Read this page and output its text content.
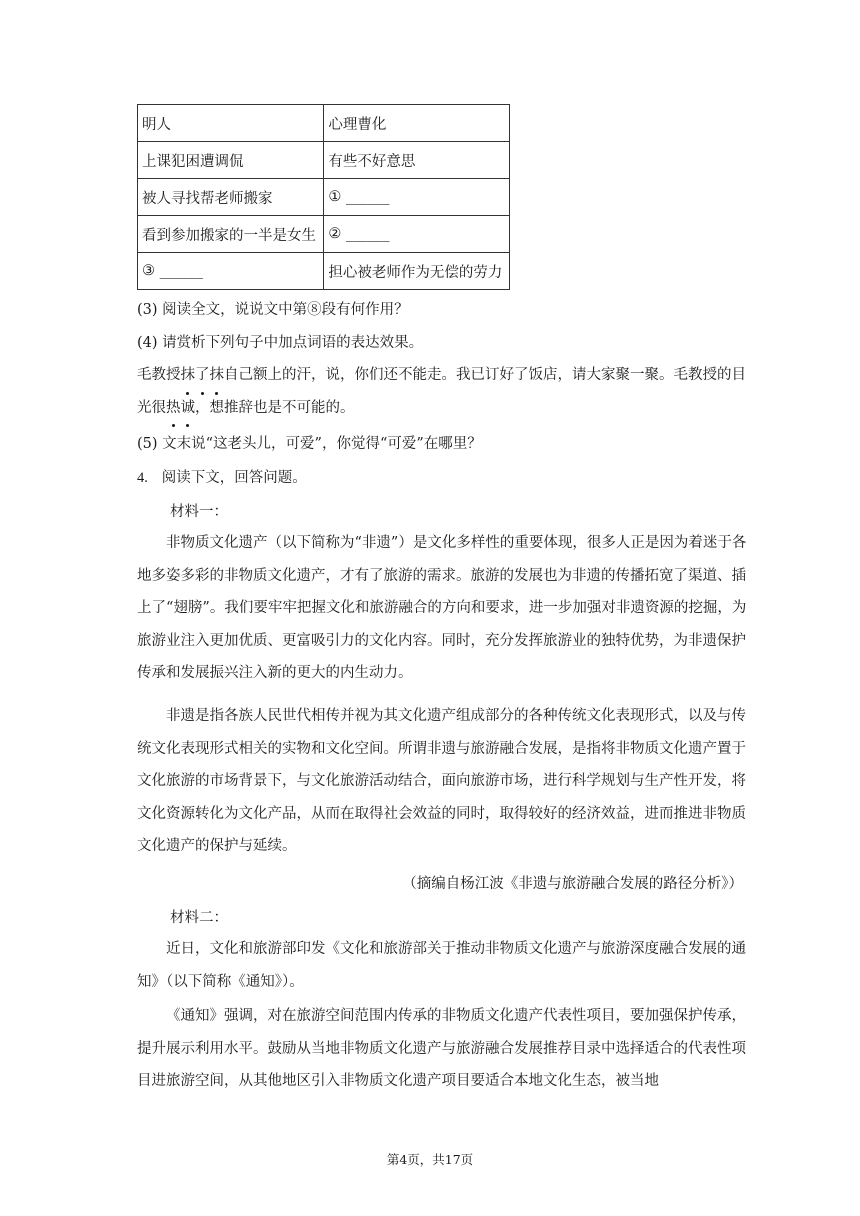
明人	心理曹化
上课犯困遭调侃	有些不好意思
被人寻找帮老师搬家	① ______
看到参加搬家的一半是女生	② ______
③ ______	担心被老师作为无偿的劳力
(3) 阅读全文，说说文中第⑧段有何作用？
(4) 请赏析下列句子中加点词语的表达效果。

毛教授抹了抹自己额上的汗，说，你们还不能走。我已订好了饭店，请大家聚一聚。毛教授的目光很热诚，想推辞也是不可能的。

(5) 文末说“这老头儿，可爱”，你觉得“可爱”在哪里？
4. 阅读下文，回答问题。
材料一：

非物质文化遗产（以下简称为“非遗”）是文化多样性的重要体现，很多人正是因为着迷于各地多姿多彩的非物质文化遗产，才有了旅游的需求。旅游的发展也为非遗的传播拓宽了渠道、插上了“翅膀”。我们要牢牢把握文化和旅游融合的方向和要求，进一步加强对非遗资源的挖掘，为旅游业注入更加优质、更富吸引力的文化内容。同时，充分发挥旅游业的独特优势，为非遗保护传承和发展振兴注入新的更大的内生动力。

非遗是指各族人民世代相传并视为其文化遗产组成部分的各种传统文化表现形式，以及与传统文化表现形式相关的实物和文化空间。所谓非遗与旅游融合发展，是指将非物质文化遗产置于文化旅游的市场背景下，与文化旅游活动结合，面向旅游市场，进行科学规划与生产性开发，将文化资源转化为文化产品，从而在取得社会效益的同时，取得较好的经济效益，进而推进非物质文化遗产的保护与延续。

（摘编自杨江波《非遗与旅游融合发展的路径分析》）
材料二：

近日，文化和旅游部印发《文化和旅游部关于推动非物质文化遗产与旅游深度融合发展的通知》（以下简称《通知》）。

《通知》强调，对在旅游空间范围内传承的非物质文化遗产代表性项目，要加强保护传承，提升展示利用水平。鼓励从当地非物质文化遗产与旅游融合发展推荐目录中选择适合的代表性项目进旅游空间，从其他地区引入非物质文化遗产项目要适合本地文化生态，被当地

第4页，共17页
